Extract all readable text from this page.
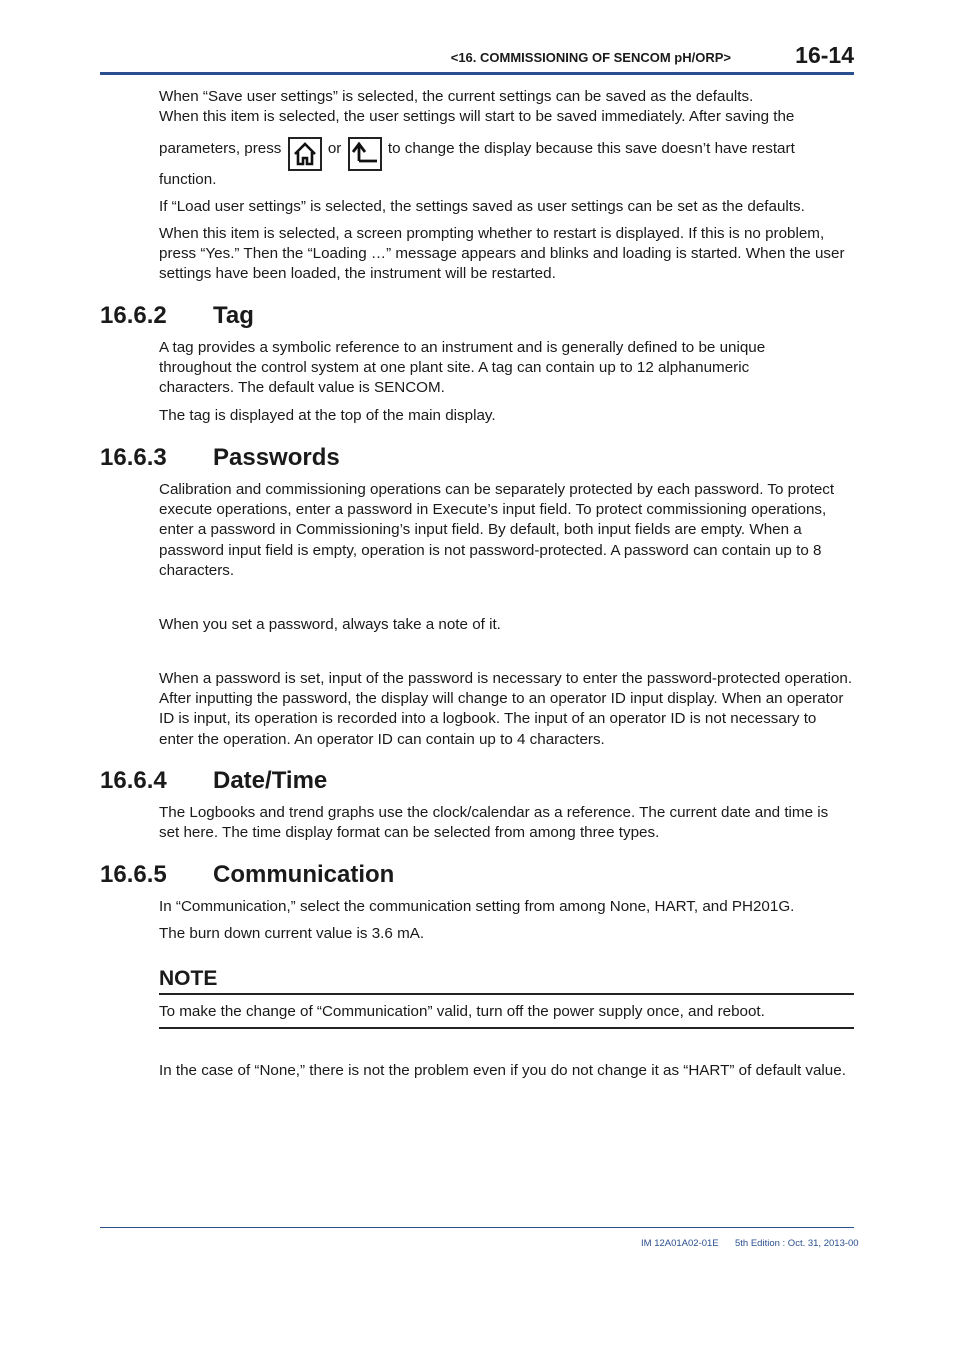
<16. COMMISSIONING OF SENCOM pH/ORP>	16-14

When “Save user settings” is selected, the current settings can be saved as the defaults.
When this item is selected, the user settings will start to be saved immediately. After saving the

parameters, press	or	to change the display because this save doesn’t have restart

function.

If “Load user settings” is selected, the settings saved as user settings can be set as the defaults.

When this item is selected, a screen prompting whether to restart is displayed. If this is no problem, press “Yes.” Then the “Loading …” message appears and blinks and loading is started. When the user settings have been loaded, the instrument will be restarted.

16.6.2 Tag

A tag provides a symbolic reference to an instrument and is generally defined to be unique throughout the control system at one plant site. A tag can contain up to 12 alphanumeric characters. The default value is SENCOM.

The tag is displayed at the top of the main display.

16.6.3 Passwords

Calibration and commissioning operations can be separately protected by each password. To protect execute operations, enter a password in Execute’s input field. To protect commissioning operations, enter a password in Commissioning’s input field. By default, both input fields are empty. When a password input field is empty, operation is not password-protected. A password can contain up to 8 characters.

When you set a password, always take a note of it.

When a password is set, input of the password is necessary to enter the password-protected operation. After inputting the password, the display will change to an operator ID input display. When an operator ID is input, its operation is recorded into a logbook. The input of an operator ID is not necessary to enter the operation. An operator ID can contain up to 4 characters.

16.6.4 Date/Time

The Logbooks and trend graphs use the clock/calendar as a reference. The current date and time is set here. The time display format can be selected from among three types.

16.6.5 Communication

In “Communication,” select the communication setting from among None, HART, and PH201G.

The burn down current value is 3.6 mA.

NOTE

To make the change of “Communication” valid, turn off the power supply once, and reboot.

In the case of “None,” there is not the problem even if you do not change it as “HART” of default value.

IM 12A01A02-01E 5th Edition : Oct. 31, 2013-00
